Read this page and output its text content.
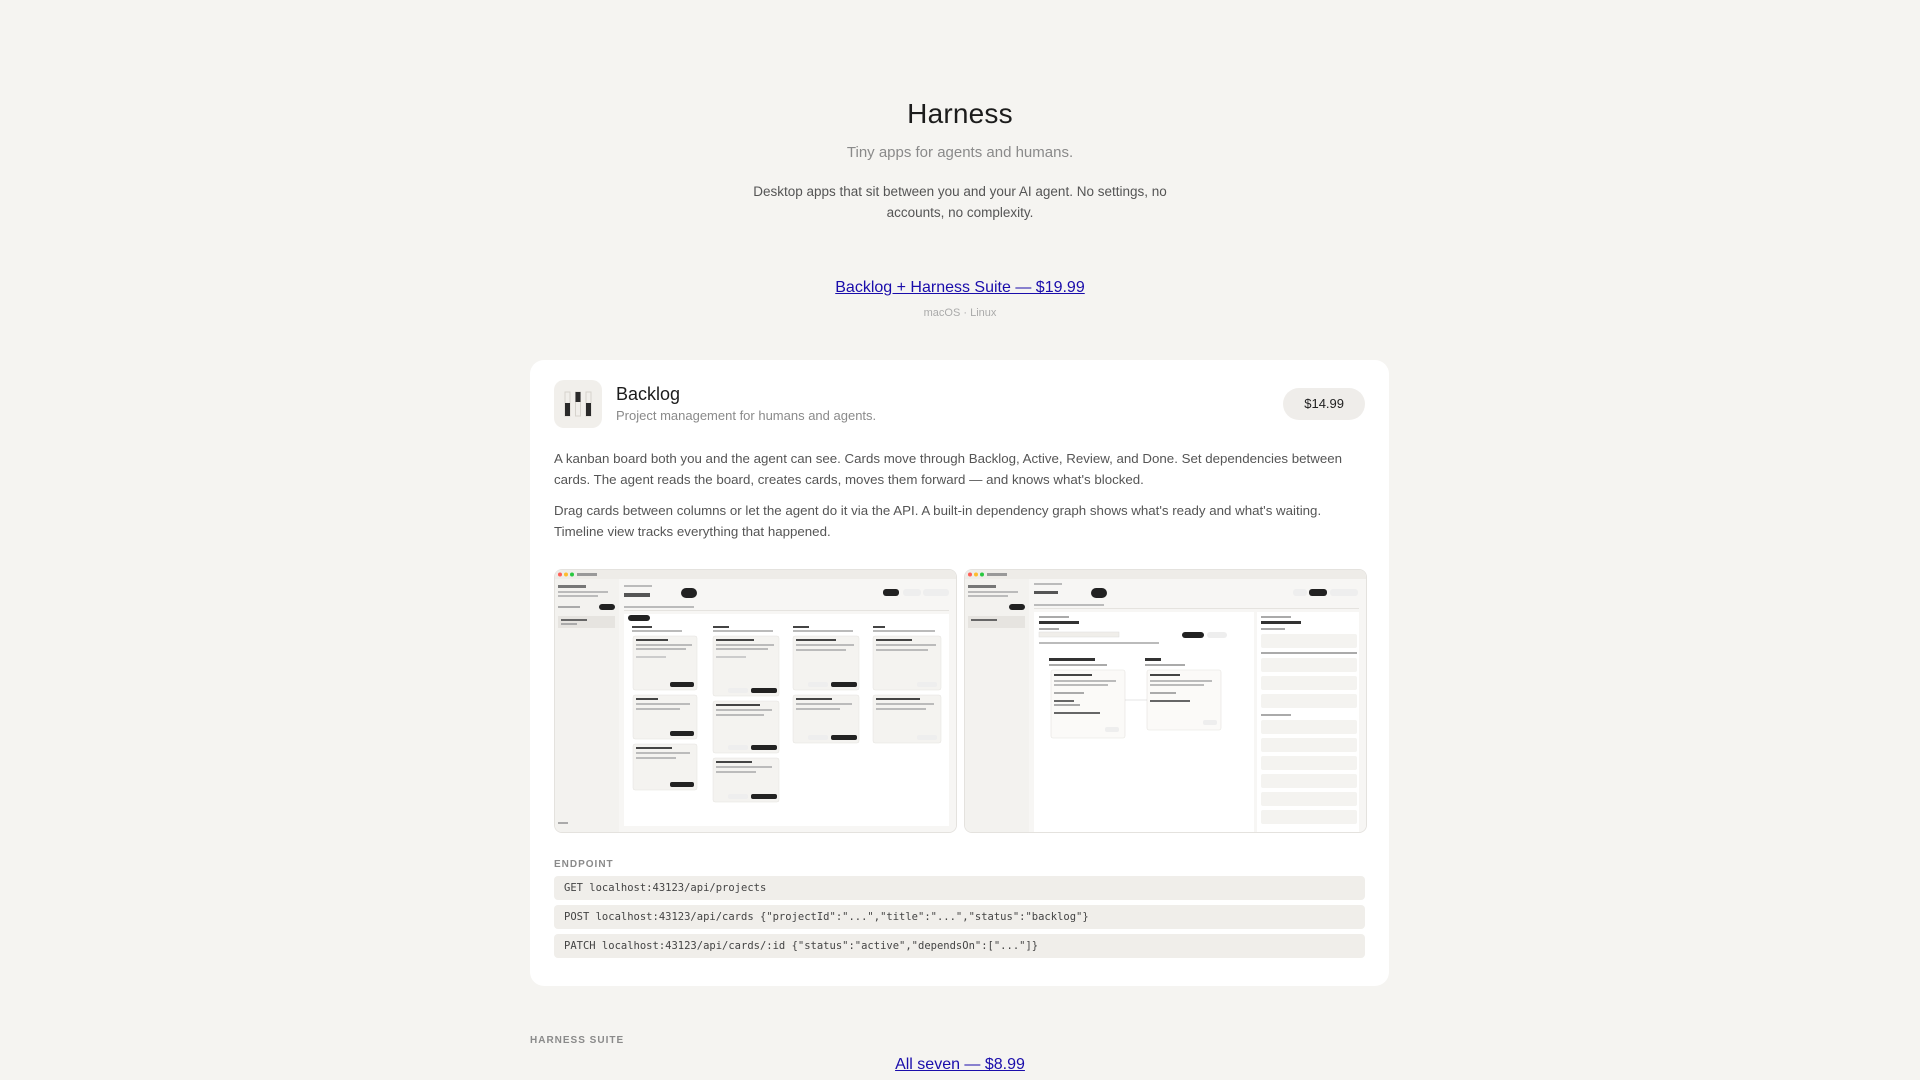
Harness
Tiny apps for agents and humans.
Desktop apps that sit between you and your AI agent. No settings, no accounts, no complexity.
Backlog + Harness Suite — $19.99
macOS · Linux
Backlog
Project management for humans and agents.
$14.99

A kanban board both you and the agent can see. Cards move through Backlog, Active, Review, and Done. Set dependencies between cards. The agent reads the board, creates cards, moves them forward — and knows what's blocked.

Drag cards between columns or let the agent do it via the API. A built-in dependency graph shows what's ready and what's waiting. Timeline view tracks everything that happened.

ENDPOINT
GET localhost:43123/api/projects
POST localhost:43123/api/cards {"projectId":"...","title":"...","status":"backlog"}
PATCH localhost:43123/api/cards/:id {"status":"active","dependsOn":["..."]}
HARNESS SUITE
All seven — $8.99
